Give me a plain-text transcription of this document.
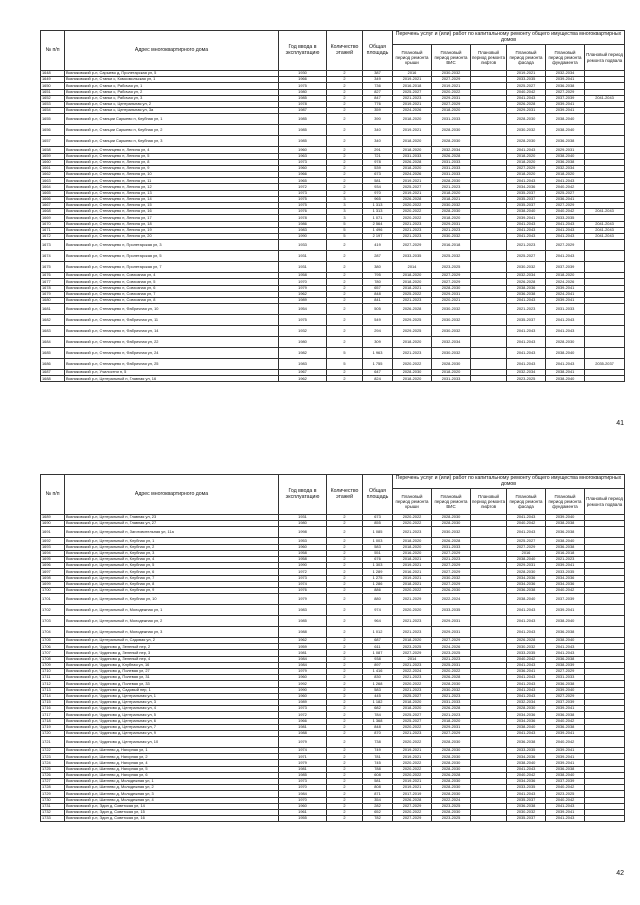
№ п/п	Адрес многоквартирного дома	Год ввода в эксплуатацию	Количество этажей	Общая площадь	Перечень услуг и (или) работ по капитальному ремонту общего имущества многоквартирных домов					
					Плановый период ремонта крыши	Плановый период ремонта ВИС	Плановый период ремонта лифтов	Плановый период ремонта фасада	Плановый период ремонта фундамента	Плановый период ремонта подвала
1648	Вязниковский р-н, Сарыево д, Пролетарская ул, 5	1930	2	387	2016	2030-2032		2019-2021	2032-2034	
1649	Вязниковский р-н, Станки с, Комсомольская ул, 1	1966	2	349	2019-2021	2027-2029		2033-2035	2039-2041	
1650	Вязниковский р-н, Станки с, Рабочая ул, 1	1975	2	736	2016-2018	2019-2021		2025-2027	2036-2038	
1651	Вязниковский р-н, Станки с, Рабочая ул, 2	1980	2	827	2025-2027	2020-2022		2040-2042	2027-2029	
1652	Вязниковский р-н, Станки с, Рабочая ул, 3	1985	2	847	2021-2023	2029-2031		2041-2043	2037-2039	2041-2043
1653	Вязниковский р-н, Станки с, Центральная ул, 2	1978	2	776	2019-2021	2027-2029		2026-2028	2039-2041	
1654	Вязниковский р-н, Станки с, Центральная ул, 3а	1987	2	359	2024-2026	2018-2020		2029-2031	2039-2041	
1655	Вязниковский р-н, Станции Сарыево п, Клубная ул, 1	1985	2	390	2018-2020	2031-2033		2028-2030	2038-2040	
1656	Вязниковский р-н, Станции Сарыево п, Клубная ул, 2	1985	2	340	2019-2021	2028-2030		2030-2032	2038-2040	
1657	Вязниковский р-н, Станции Сарыево п, Клубная ул, 3	1985	2	340	2018-2020	2028-2030		2028-2030	2036-2038	
1658	Вязниковский р-н, Степанцево п, Ленина ул, 4	1960	2	291	2018-2020	2032-2034		2041-2043	2029-2031	
1659	Вязниковский р-н, Степанцево п, Ленина ул, 5	1963	2	721	2031-2033	2026-2028		2018-2020	2038-2040	
1660	Вязниковский р-н, Степанцево п, Ленина ул, 8	1973	2	978	2026-2028	2031-2033		2018-2020	2036-2038	
1661	Вязниковский р-н, Степанцево п, Ленина ул, 9	1960	2	539	2018-2020	2031-2033		2027-2029	2032-2034	
1662	Вязниковский р-н, Степанцево п, Ленина ул, 10	1966	2	673	2024-2026	2031-2033		2018-2020	2018-2020	
1663	Вязниковский р-н, Степанцево п, Ленина ул, 11	1965	2	581	2019-2021	2028-2030		2041-2043	2041-2043	
1664	Вязниковский р-н, Степанцево п, Ленина ул, 12	1972	2	934	2025-2027	2021-2023		2034-2036	2040-2042	
1665	Вязниковский р-н, Степанцево п, Ленина ул, 13	1973	2	970	2019-2021	2018-2020		2035-2037	2025-2027	
1666	Вязниковский р-н, Степанцево п, Ленина ул, 14	1975	3	965	2026-2028	2018-2021		2035-2037	2036-2041	
1667	Вязниковский р-н, Степанцево п, Ленина ул, 15	1975	3	1 313	2020-2022	2030-2032		2035-2037	2027-2029	
1668	Вязниковский р-н, Степанцево п, Ленина ул, 16	1976	3	1 313	2020-2022	2028-2030		2038-2040	2040-2042	2041-2043
1669	Вязниковский р-н, Степанцево п, Ленина ул, 17	1978	3	1 071	2020-2022	2018-2020		2039-2041	2033-2035	
1670	Вязниковский р-н, Степанцево п, Ленина ул, 18	1986	5	2 564	2021-2023	2029-2031		2041-2043	2041-2043	2041-2043
1671	Вязниковский р-н, Степанцево п, Ленина ул, 19	1983	5	1 496	2021-2023	2021-2023		2041-2043	2041-2043	2041-2043
1672	Вязниковский р-н, Степанцево п, Ленина ул, 20	1990	5	2 197	2021-2023	2030-2032		2041-2043	2041-2043	2041-2043
1673	Вязниковский р-н, Степанцево п, Пролетарская ул, 3	1933	2	419	2027-2029	2016-2018		2021-2023	2027-2029	
1674	Вязниковский р-н, Степанцево п, Пролетарская ул, 5	1931	2	287	2033-2035	2025-2032		2025-2027	2041-2043	
1675	Вязниковский р-н, Степанцево п, Пролетарская ул, 7	1931	2	380	2014	2023-2025		2030-2032	2037-2039	
1676	Вязниковский р-н, Степанцево п, Совхозная ул, 4	1958	2	795	2018-2020	2027-2029		2032-2034	2018-2020	
1677	Вязниковский р-н, Степанцево п, Совхозная ул, 5	1970	2	780	2018-2020	2027-2029		2026-2028	2024-2026	
1678	Вязниковский р-н, Степанцево п, Совхозная ул, 6	1979	2	657	2018-2021	2028-2030		2038-2036	2039-2041	
1679	Вязниковский р-н, Степанцево п, Совхозная ул, 7	1962	2	848	2025-2022	2029-2031		2036-2038	2024-2041	
1680	Вязниковский р-н, Степанцево п, Совхозная ул, 8	1989	2	841	2021-2023	2020-2021		2041-2043	2039-2041	
1681	Вязниковский р-н, Степанцево п, Фабричная ул, 10	1954	2	505	2026-2028	2030-2032		2021-2023	2031-2033	
1682	Вязниковский р-н, Степанцево п, Фабричная ул, 11	1975	2	549	2029-2025	2030-2032		2035-2037	2041-2043	
1683	Вязниковский р-н, Степанцево п, Фабричная ул, 14	1932	2	294	2029-2025	2030-2032		2041-2043	2041-2043	
1684	Вязниковский р-н, Степанцево п, Фабричная ул, 22	1980	2	309	2018-2020	2032-2034		2041-2043	2028-2030	
1685	Вязниковский р-н, Степанцево п, Фабричная ул, 24	1982	5	1 963	2021-2023	2030-2032		2041-2043	2038-2040	
1686	Вязниковский р-н, Степанцево п, Фабричная ул, 25	1983	5	1 755	2020-2022	2028-2030		2041-2043	2041-2043	2035-2037
1687	Вязниковский р-н, Училостни п, 5	1967	2	647	2028-2030	2018-2020		2032-2034	2038-2041	
1688	Вязниковский р-н, Центральный п, Главная ул, 16	1962	2	824	2018-2020	2031-2033		2023-2025	2038-2040	
41
№ п/п	Адрес многоквартирного дома	Год ввода в эксплуатацию	Количество этажей	Общая площадь	Перечень услуг и (или) работ по капитальному ремонту общего имущества многоквартирных домов					
					Плановый период ремонта крыши	Плановый период ремонта ВИС	Плановый период ремонта лифтов	Плановый период ремонта фасада	Плановый период ремонта фундамента	Плановый период ремонта подвала
1689	Вязниковский р-н, Центральный п, Главная ул, 23	1931	2	673	2020-2022	2028-2030		2041-2043	2039-2040	
1690	Вязниковский р-н, Центральный п, Главная ул, 27	1980	2	855	2020-2022	2028-2030		2040-2042	2038-2038	
1691	Вязниковский р-н, Центральный п, Заготовительная ул, 11а	1998	2	1 085	2021-2023	2030-2032		2041-2043	2036-2038	
1692	Вязниковский р-н, Центральный п, Клубная ул, 1	1953	2	1 003	2018-2020	2026-2028		2025-2027	2038-2040	
1693	Вязниковский р-н, Центральный п, Клубная ул, 2	1960	2	583	2018-2020	2031-2033		2027-2029	2036-2038	
1694	Вязниковский р-н, Центральный п, Клубная ул, 3	1958	2	551	2016-2020	2027-2029		2016	2016-2018	
1695	Вязниковский р-н, Центральный п, Клубная ул, 4	1958	2	676	2018-2021	2021-2023		2038-2040	2021-2023	
1696	Вязниковский р-н, Центральный п, Клубная ул, 5	1990	2	1 303	2019-2021	2027-2029		2029-2031	2039-2041	
1697	Вязниковский р-н, Центральный п, Клубная ул, 6	1972	2	1 289	2016-2021	2027-2029		2028-2030	2033-2035	
1698	Вязниковский р-н, Центральный п, Клубная ул, 7	1973	2	1 275	2019-2021	2030-2032		2034-2036	2034-2036	
1699	Вязниковский р-н, Центральный п, Клубная ул, 8	1974	2	1 286	2018-2021	2027-2029		2034-2036	2034-2036	
1700	Вязниковский р-н, Центральный п, Клубная ул, 9	1976	2	886	2020-2022	2026-2030		2036-2038	2040-2042	
1701	Вязниковский р-н, Центральный п, Клубная ул, 10	1979	2	880	2021-2029	2022-2024		2038-2040	2037-2039	
1702	Вязниковский р-н, Центральный п, Молодежная ул, 1	1983	2	974	2020-2020	2033-2035		2041-2043	2039-2041	
1703	Вязниковский р-н, Центральный п, Молодежная ул, 2	1985	2	964	2021-2023	2029-2031		2041-2043	2038-2040	
1704	Вязниковский р-н, Центральный п, Молодежная ул, 3	1988	2	1 012	2021-2023	2029-2031		2041-2043	2036-2038	
1705	Вязниковский р-н, Центральный п, Садовая ул, 2	1962	2	687	2018-2020	2027-2029		2026-2028	2038-2040	
1706	Вязниковский р-н, Чудиново д, Зеленый пер, 2	1959	2	611	2023-2025	2024-2026		2030-2032	2041-2043	
1707	Вязниковский р-н, Чудиново д, Зеленый пер, 3	1981	2	1 087	2027-2029	2023-2025		2033-2035	2041-2043	
1708	Вязниковский р-н, Чудиново д, Зеленый пер, 4	1984	2	938	2014	2021-2023		2040-2042	2036-2038	
1709	Вязниковский р-н, Чудиново д, Клубная ул, 16	1984	2	897	2021-2023	2025-2031		2041-2043	2038-2039	
1710	Вязниковский р-н, Чудиново д, Полевая ул, 27	1979	2	1 416	2022-2024	2020-2022		2036-2041	2027-2029	
1711	Вязниковский р-н, Чудиново д, Полевая ул, 31	1960	2	830	2021-2023	2026-2028		2041-2043	2031-2033	
1712	Вязниковский р-н, Чудиново д, Полевая ул, 33	1992	2	1 268	2020-2022	2028-2030		2041-2043	2036-2038	
1713	Вязниковский р-н, Чудиново д, Садовый пер, 1	1990	2	583	2021-2023	2030-2032		2041-2043	2039-2040	
1714	Вязниковский р-н, Чудиново д, Центральная ул, 1	1960	2	445	2025-2027	2021-2023		2041-2043	2027-2029	
1715	Вязниковский р-н, Чудиново д, Центральная ул, 3	1989	2	1 182	2018-2020	2031-2033		2032-2034	2037-2039	
1716	Вязниковский р-н, Чудиново д, Центральная ул, 4	1973	2	682	2018-2020	2026-2028		2028-2030	2039-2041	
1717	Вязниковский р-н, Чудиново д, Центральная ул, 5	1972	2	784	2025-2027	2021-2023		2034-2036	2036-2038	
1718	Вязниковский р-н, Чудиново д, Центральная ул, 6	1966	2	1 368	2025-2027	2018-2020		2034-2036	2040-2042	
1719	Вязниковский р-н, Чудиново д, Центральная ул, 7	1981	2	848	2020-2022	2029-2031		2038-2040	2036-2038	
1720	Вязниковский р-н, Чудиново д, Центральная ул, 9	1988	2	870	2021-2023	2027-2029		2041-2043	2039-2041	
1721	Вязниковский р-н, Чудиново д, Центральная ул, 10	1979	2	738	2020-2022	2028-2030		2036-2038	2040-2042	
1722	Вязниковский р-н, Шатнево д, Нагорная ул, 1	1974	2	749	2019-2021	2028-2030		2033-2035	2039-2041	
1723	Вязниковский р-н, Шатнево д, Нагорная ул, 2	1971	2	781	2019-2021	2028-2030		2034-2036	2039-2041	
1724	Вязниковский р-н, Шатнево д, Нагорная ул, 4	1979	2	745	2020-2022	2028-2030		2038-2040	2039-2041	
1725	Вязниковский р-н, Шатнево д, Нагорная ул, 5	1981	2	788	2020-2022	2028-2030		2041-2043	2036-2038	
1726	Вязниковский р-н, Шатнево д, Нагорная ул, 6	1985	2	608	2020-2022	2026-2028		2040-2042	2038-2040	
1727	Вязниковский р-н, Шатнево д, Молодежная ул, 1	1973	2	581	2019-2021	2028-2030		2034-2036	2037-2039	
1728	Вязниковский р-н, Шатнево д, Молодежная ул, 2	1970	2	808	2019-2021	2028-2030		2033-2035	2040-2042	
1729	Вязниковский р-н, Шатнево д, Молодежная ул, 3	1984	2	871	2017-2019	2028-2030		2041-2043	2023-2025	
1730	Вязниковский р-н, Шатнево д, Молодежная ул, 4	1970	2	354	2026-2028	2022-2024		2035-2037	2040-2042	
1731	Вязниковский р-н, Эдон д, Советская ул, 14	1960	2	282	2027-2029	2023-2025		2036-2038	2041-2043	
1732	Вязниковский р-н, Эдон д, Советская ул, 15	1961	2	652	2020-2022	2028-2030		2030-2032	2039-2041	
1733	Вязниковский р-н, Эдон д, Советская ул, 16	1955	2	782	2027-2029	2023-2025		2035-2037	2041-2043	
42
